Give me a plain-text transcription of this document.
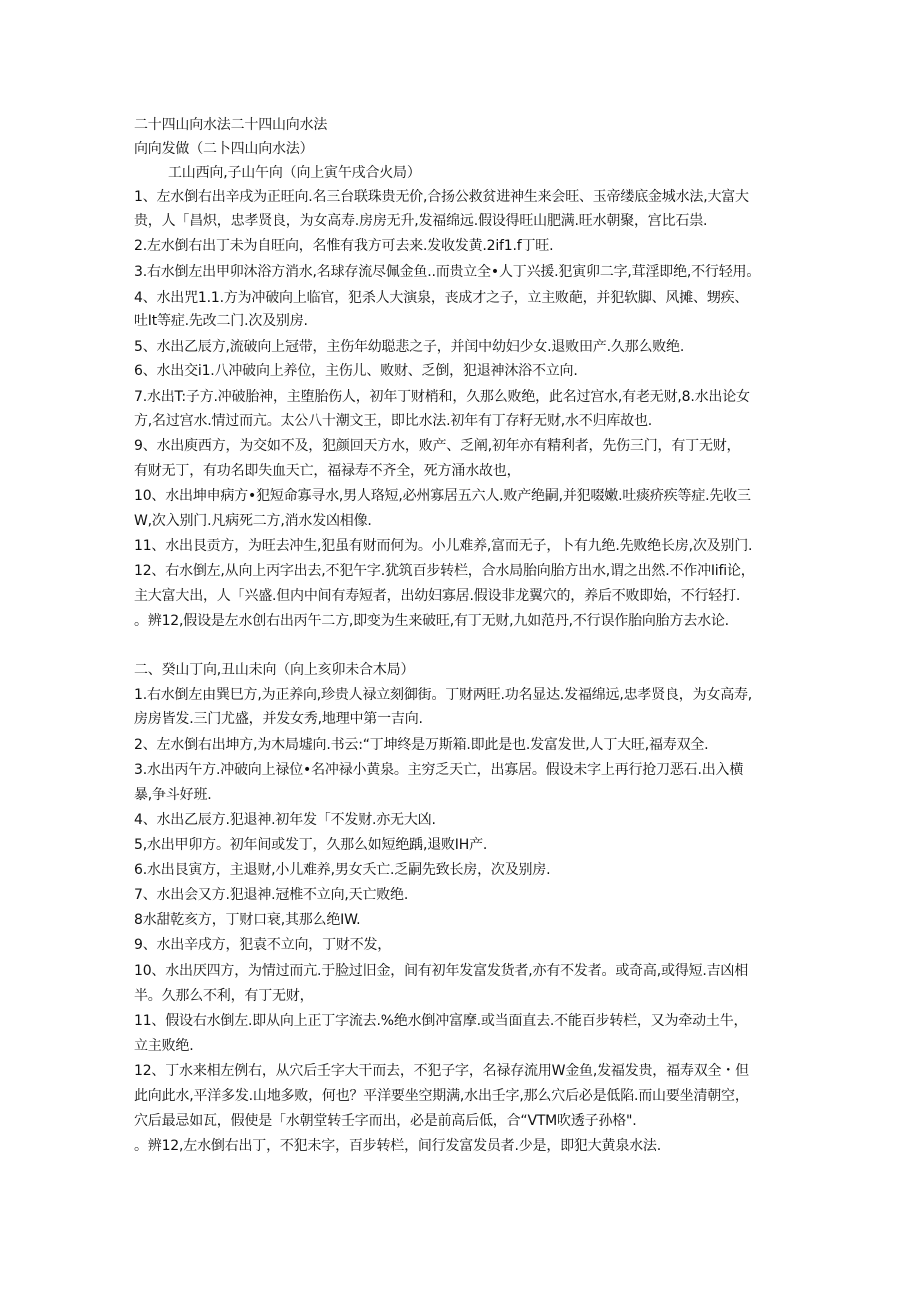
二十四山向水法二十四山向水法
向向发做（二卜四山向水法）
工山西向,子山午向（向上寅午戌合火局）
1、左水倒右出辛戌为正旺向.名三台联珠贵无价,合扬公救贫进神生来会旺、玉帝缕底金城水法,大富大
贵，人「昌炽，忠孝贤良，为女高寿.房房无升,发福绵远.假设得旺山肥满.旺水朝聚，宫比石祟.
2.左水倒右出丁未为自旺向，名惟有我方可去来.发收发黄.2if1.f丁旺.
3.右水倒左出甲卯沐浴方消水,名球存流尽佩金鱼..而贵立全•人丁兴援.犯寅卯二字,茸淫即绝,不行轻用。
4、水出咒1.1.方为冲破向上临官，犯杀人大演泉，丧成才之子，立主败葩，并犯软脚、风摊、甥疾、
吐It等症.先改二门.次及别房.
5、水出乙辰方,流破向上冠带，主伤年幼聪悲之子，并闰中幼妇少女.退败田产.久那么败绝.
6、水出交i1.八冲破向上养位，主伤儿、败财、乏倒，犯退神沐浴不立向.
7.水出T:子方.冲破胎神，主堕胎伤人，初年丁财梢和，久那么败绝，此名过宫水,有老无财,8.水出论女
方,名过宫水.情过而亢。太公八十潮文王，即比水法.初年有丁存籽无财,水不归库故也.
9、水出庾西方，为交如不及，犯颜回天方水，败产、乏阐,初年亦有精利者，先伤三门，有丁无财，
有财无丁，有功名即失血天亡，福禄寿不齐全，死方涌水故也，
10、水出坤申病方•犯短命寡寻水,男人珞短,必州寡居五六人.败产绝嗣,并犯啜嫩.吐痰疥疾等症.先收三
W,次入别门.凡病死二方,消水发凶相像.
11、水出艮贡方，为旺去冲生,犯虽有财而何为。小儿难养,富而无子，卜有九绝.先败绝长房,次及别门.
12、右水倒左,从向上丙字出去,不犯午字.犹筑百步转栏，合水局胎向胎方出水,谓之出然.不作冲Iifi论，
主大富大出，人「兴盛.但内中间有寿短者，出幼妇寡居.假设非龙翼穴的，养后不败即始，不行轻打.
。辨12,假设是左水创右出丙午二方,即变为生来破旺,有丁无财,九如范丹,不行误作胎向胎方去水论.
二、癸山丁向,丑山未向（向上亥卯未合木局）
1.右水倒左由巽巳方,为正养向,珍贵人禄立刻御街。丁财两旺.功名显达.发福绵远,忠孝贤良，为女高寿,
房房皆发.三门尤盛，并发女秀,地理中第一吉向.
2、左水倒右出坤方,为木局墟向.书云:“丁坤终是万斯箱.即此是也.发富发世,人丁大旺,福寿双全.
3.水出丙午方.冲破向上禄位•名冲禄小黄泉。主穷乏天亡，出寡居。假设未字上再行抢刀恶石.出入横
暴,争斗好班.
4、水出乙辰方.犯退神.初年发「不发财.亦无大凶.
5,水出甲卯方。初年间或发丁，久那么如短绝踽,退败IH产.
6.水出艮寅方，主退财,小儿难养,男女夭亡.乏嗣先致长房，次及别房.
7、水出会又方.犯退神.冠椎不立向,天亡败绝.
8水甜乾亥方，丁财口衰,其那么绝IW.
9、水出辛戌方，犯袁不立向，丁财不发，
10、水出厌四方，为情过而亢.于脸过旧金，间有初年发富发货者,亦有不发者。或奇高,或得短.吉凶相
半。久那么不利，有丁无财，
11、假设右水倒左.即从向上正丁字流去.%绝水倒冲富摩.或当面直去.不能百步转栏，又为牵动土牛，
立主败绝.
12、丁水来相左例右，从穴后壬字大干而去，不犯子字，名禄存流用W金鱼,发福发贵，福寿双全・但
此向此水,平洋多发.山地多败，何也？平洋要坐空期满,水出壬字,那么穴后必是低陷.而山要坐清朝空，
穴后最忌如瓦，假使是「水朝堂转壬字而出，必是前高后低，合“VTM吹透子孙格".
。辨12,左水倒右出丁，不犯未字，百步转栏，间行发富发员者.少是，即犯大黄泉水法.
